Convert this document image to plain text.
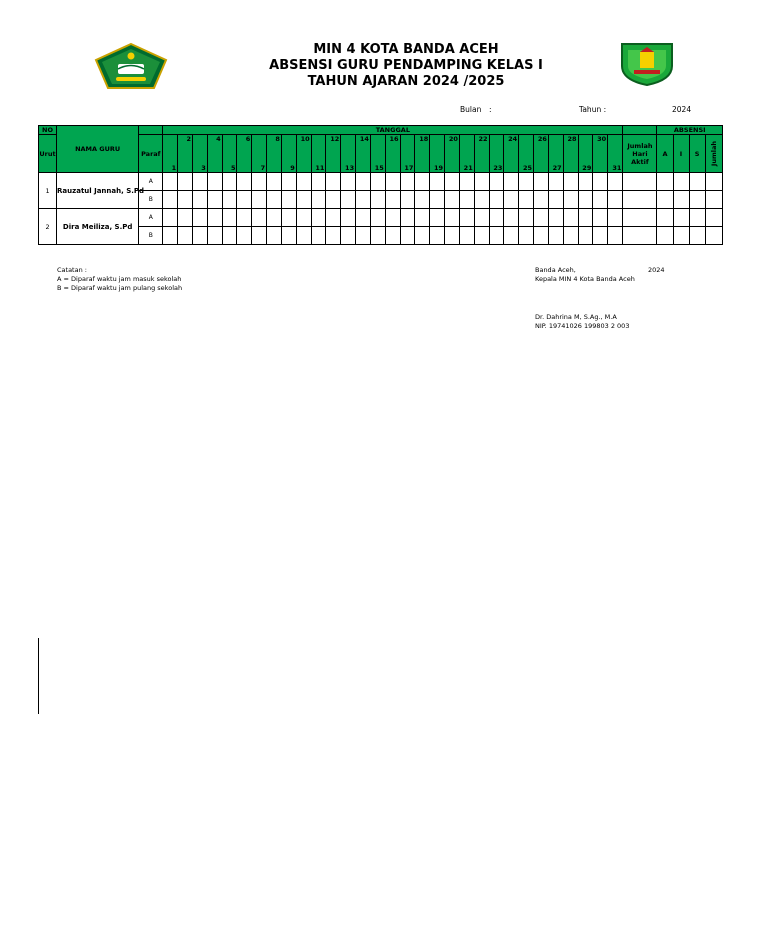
MIN 4 KOTA BANDA ACEH
ABSENSI GURU PENDAMPING KELAS I
TAHUN AJARAN 2024 /2025
Bulan :	Tahun :	2024
NO	NAMA GURU		TANGGAL																																ABSENSI			
Urut		Paraf	1	2	3	4	5	6	7	8	9	10	11	12	13	14	15	16	17	18	19	20	21	22	23	24	25	26	27	28	29	30	31	Jumlah Hari Aktif	A	I	S	Jumlah

1	Rauzatul Jannah, S.Pd	A																																				
		B																																				
2	Dira Meiliza, S.Pd	A																																				
		B																																				
Catatan :
A = Diparaf waktu jam masuk sekolah
B = Diparaf waktu jam pulang sekolah
Banda Aceh,	2024
Kepala MIN 4 Kota Banda Aceh
Dr. Dahrina M, S.Ag., M.A
NIP. 19741026 199803 2 003
